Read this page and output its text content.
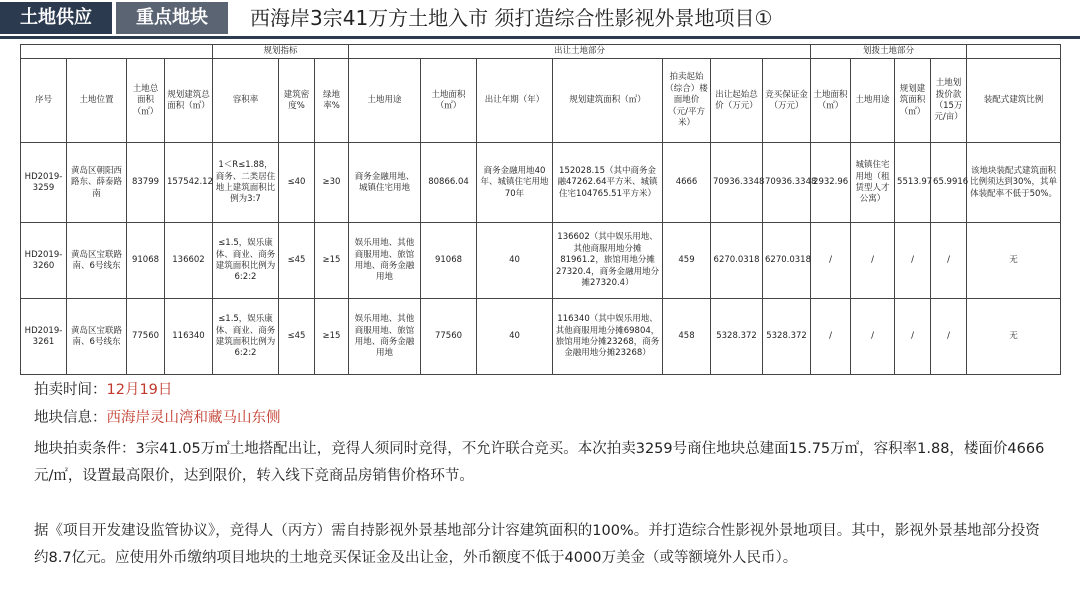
土地供应	重点地块	西海岸3宗41万方土地入市 须打造综合性影视外景地项目①
				规划指标			出让土地部分							划拨土地部分				
序号	土地位置	土地总面积（㎡）	规划建筑总面积（㎡）	容积率	建筑密度%	绿地率%	土地用途	土地面积（㎡）	出让年期（年）	规划建筑面积（㎡）	拍卖起始（综合）楼面地价（元/平方米）	出让起始总价（万元）	竞买保证金（万元）	土地面积（㎡）	土地用途	规划建筑面积（㎡）	土地划拨价款（15万元/亩）	装配式建筑比例
HD2019-3259	黄岛区朝阳西路东、薛泰路南	83799	157542.12	1＜R≤1.88，商务、二类居住地上建筑面积比例为3:7	≤40	≥30	商务金融用地、城镇住宅用地	80866.04	商务金融用地40年、城镇住宅用地70年	152028.15（其中商务金融47262.64平方米、城镇住宅104765.51平方米）	4666	70936.3348	70936.3348	2932.96	城镇住宅用地（租赁型人才公寓）	5513.97	65.9916	该地块装配式建筑面积比例须达到30%，其单体装配率不低于50%。
HD2019-3260	黄岛区宝联路南、6号线东	91068	136602	≤1.5，娱乐康体、商业、商务建筑面积比例为6:2:2	≤45	≥15	娱乐用地、其他商服用地、旅馆用地、商务金融用地	91068	40	136602（其中娱乐用地、其他商服用地分摊81961.2，旅馆用地分摊27320.4，商务金融用地分摊27320.4）	459	6270.0318	6270.0318	/	/	/	/	无
HD2019-3261	黄岛区宝联路南、6号线东	77560	116340	≤1.5，娱乐康体、商业、商务建筑面积比例为6:2:2	≤45	≥15	娱乐用地、其他商服用地、旅馆用地、商务金融用地	77560	40	116340（其中娱乐用地、其他商服用地分摊69804，旅馆用地分摊23268，商务金融用地分摊23268）	458	5328.372	5328.372	/	/	/	/	无
拍卖时间：12月19日
地块信息：西海岸灵山湾和藏马山东侧
地块拍卖条件：3宗41.05万㎡土地搭配出让，竞得人须同时竞得，不允许联合竞买。本次拍卖3259号商住地块总建面15.75万㎡，容积率1.88，楼面价4666元/㎡，设置最高限价，达到限价，转入线下竞商品房销售价格环节。
据《项目开发建设监管协议》，竞得人（丙方）需自持影视外景基地部分计容建筑面积的100%。并打造综合性影视外景地项目。其中，影视外景基地部分投资约8.7亿元。应使用外币缴纳项目地块的土地竞买保证金及出让金，外币额度不低于4000万美金（或等额境外人民币）。
